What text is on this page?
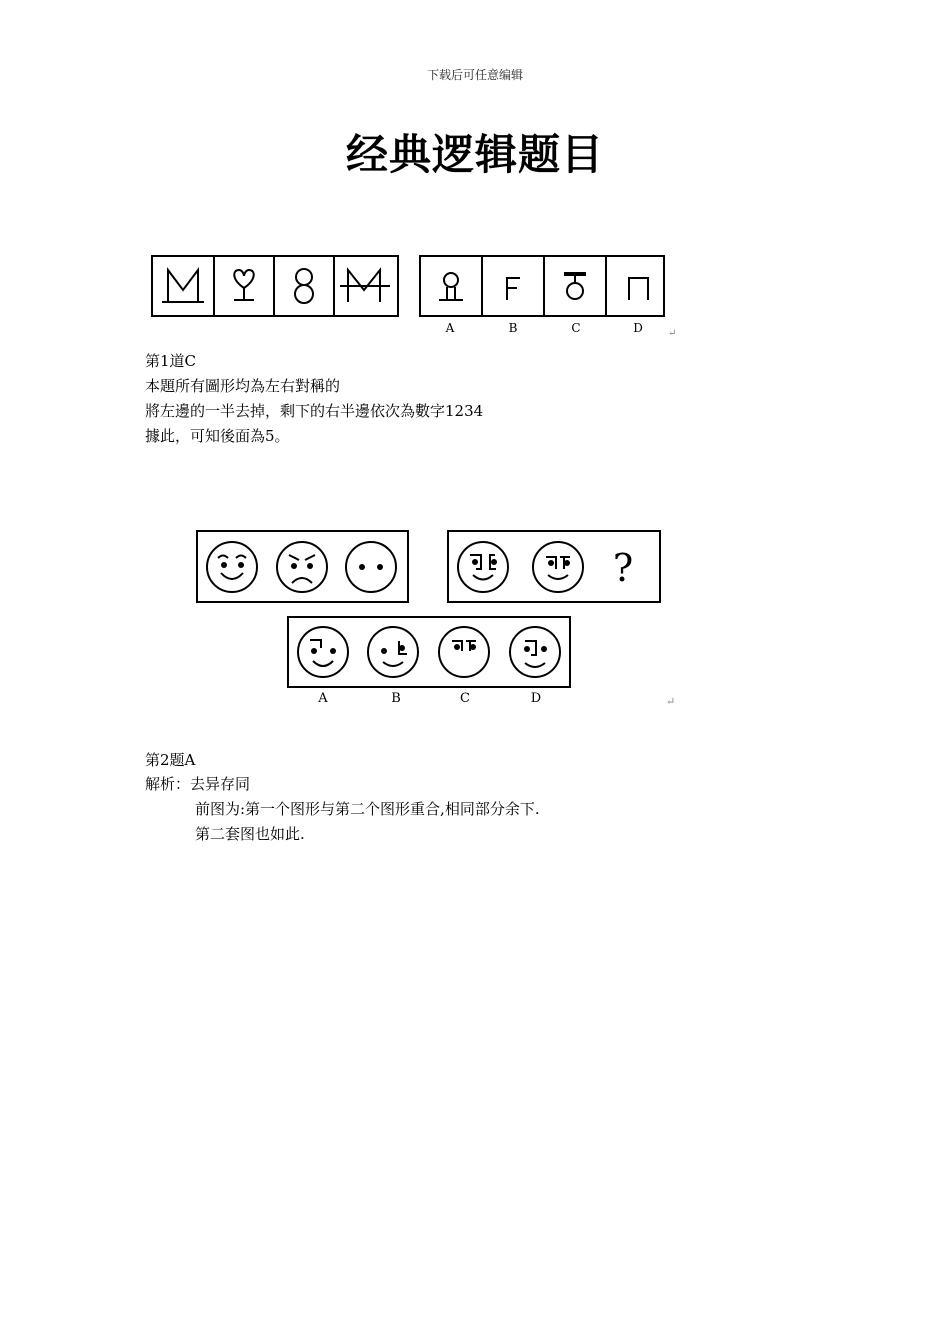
下载后可任意编辑
经典逻辑题目
A	B	C	D	↵
第1道C
本題所有圖形均為左右對稱的
將左邊的一半去掉，剩下的右半邊依次為數字1234
據此，可知後面為5。
?
A	B	C	D	↵
第2题A
解析：去异存同
前图为:第一个图形与第二个图形重合,相同部分余下.
第二套图也如此.
